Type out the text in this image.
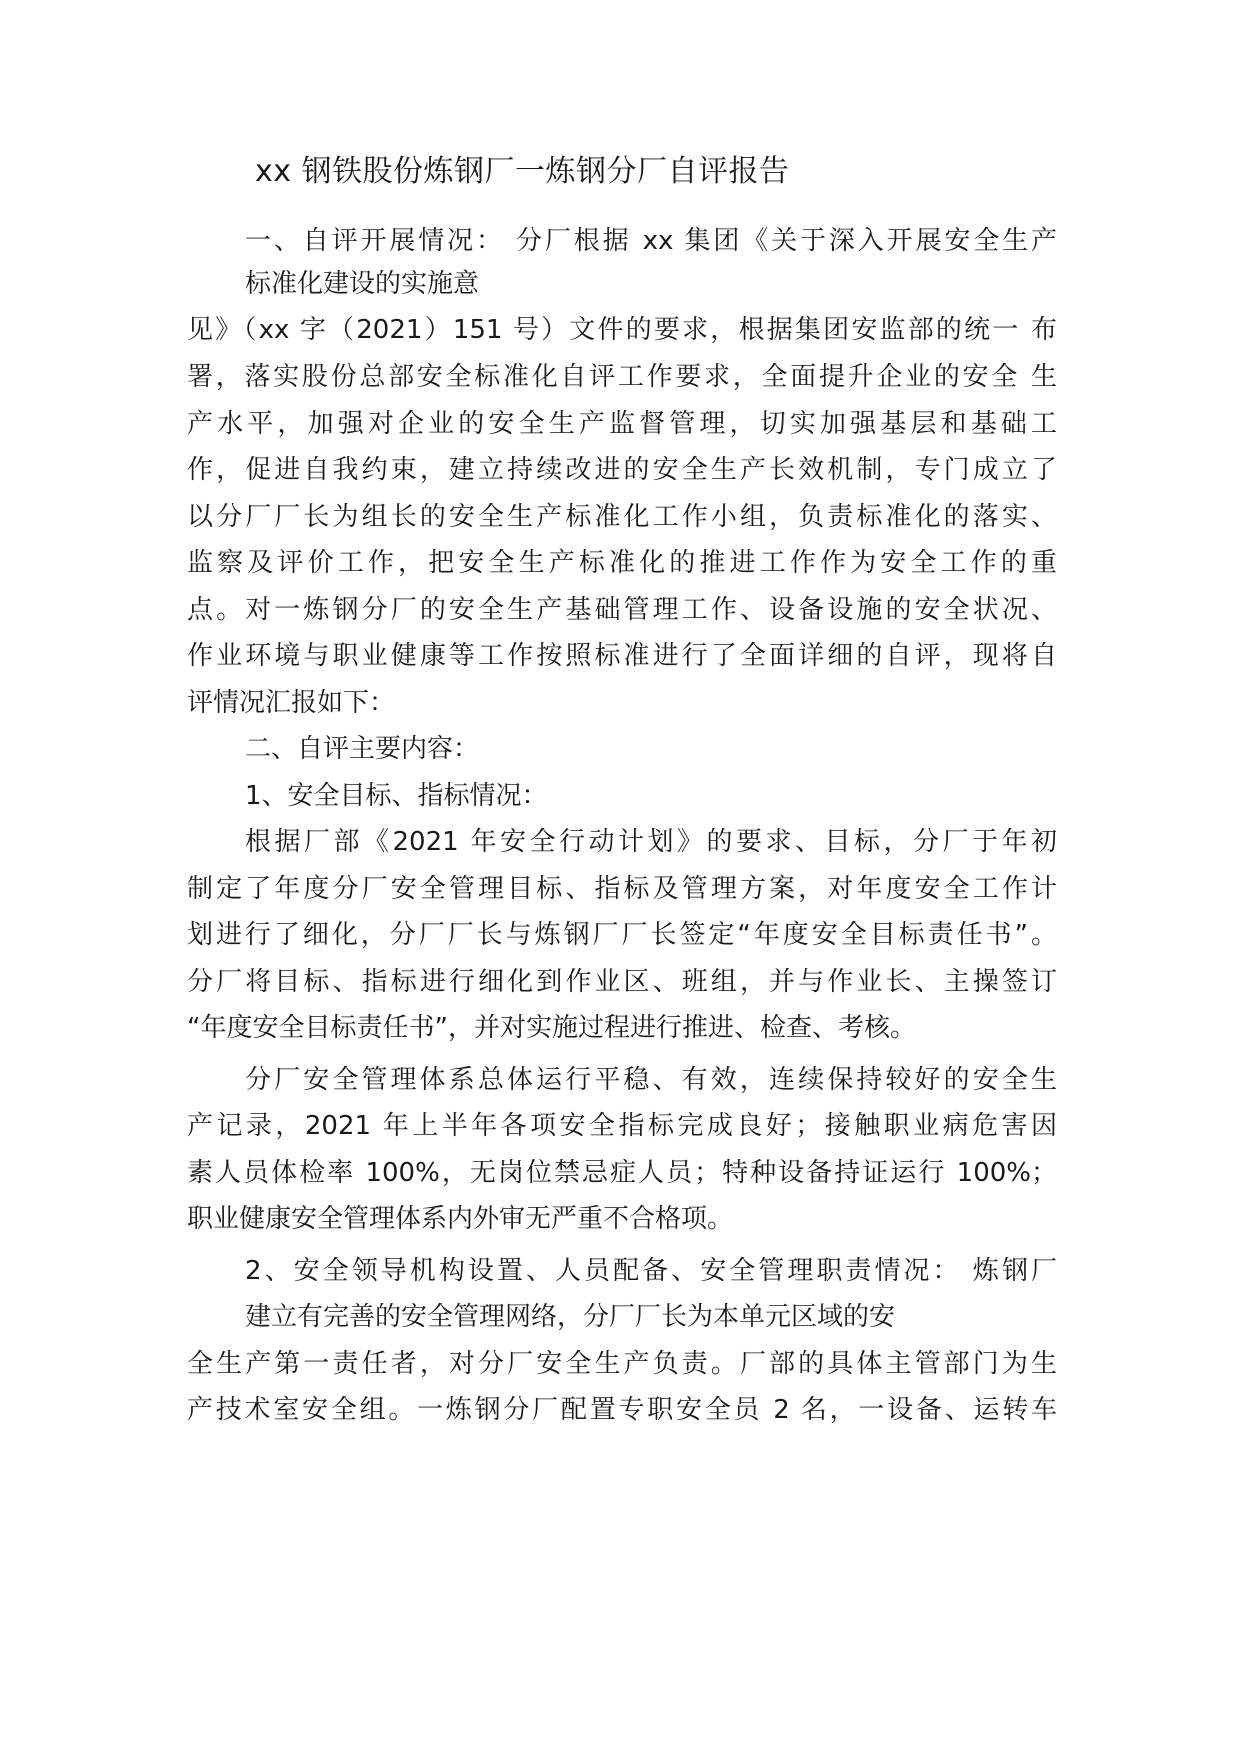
xx 钢铁股份炼钢厂一炼钢分厂自评报告
一、自评开展情况： 分厂根据 xx 集团《关于深入开展安全生产
标准化建设的实施意
见》（xx 字（2021）151 号）文件的要求，根据集团安监部的统一 布
署，落实股份总部安全标准化自评工作要求，全面提升企业的安全 生
产水平，加强对企业的安全生产监督管理，切实加强基层和基础工
作，促进自我约束，建立持续改进的安全生产长效机制，专门成立了
以分厂厂长为组长的安全生产标准化工作小组，负责标准化的落实、
监察及评价工作，把安全生产标准化的推进工作作为安全工作的重
点。对一炼钢分厂的安全生产基础管理工作、设备设施的安全状况、
作业环境与职业健康等工作按照标准进行了全面详细的自评，现将自
评情况汇报如下：
二、自评主要内容：
1、安全目标、指标情况：
根据厂部《2021 年安全行动计划》的要求、目标，分厂于年初
制定了年度分厂安全管理目标、指标及管理方案，对年度安全工作计
划进行了细化，分厂厂长与炼钢厂厂长签定“年度安全目标责任书”。
分厂将目标、指标进行细化到作业区、班组，并与作业长、主操签订
“年度安全目标责任书”，并对实施过程进行推进、检查、考核。
分厂安全管理体系总体运行平稳、有效，连续保持较好的安全生
产记录，2021 年上半年各项安全指标完成良好；接触职业病危害因
素人员体检率 100%，无岗位禁忌症人员；特种设备持证运行 100%；
职业健康安全管理体系内外审无严重不合格项。
2、安全领导机构设置、人员配备、安全管理职责情况： 炼钢厂
建立有完善的安全管理网络，分厂厂长为本单元区域的安
全生产第一责任者，对分厂安全生产负责。厂部的具体主管部门为生
产技术室安全组。一炼钢分厂配置专职安全员 2 名，一设备、运转车
